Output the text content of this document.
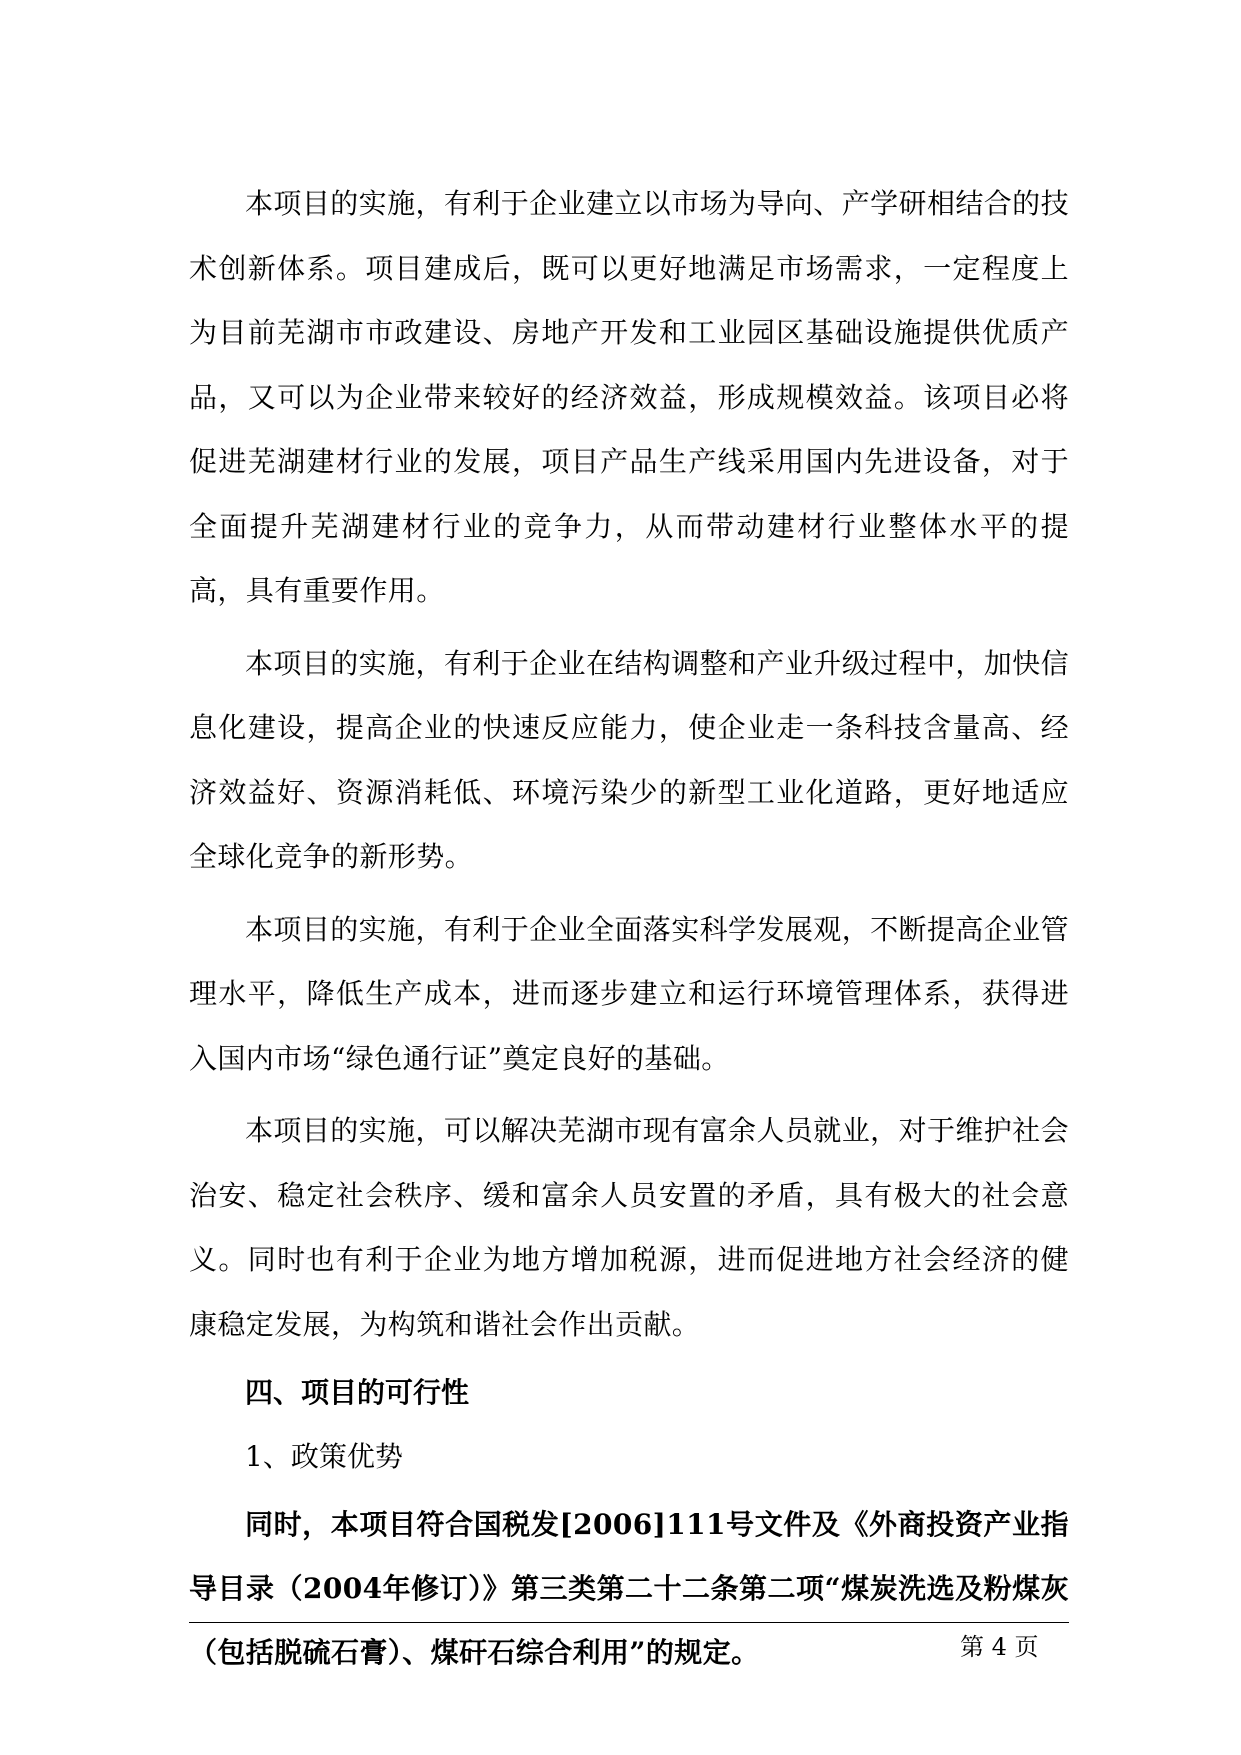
本项目的实施，有利于企业建立以市场为导向、产学研相结合的技术创新体系。项目建成后，既可以更好地满足市场需求，一定程度上为目前芜湖市市政建设、房地产开发和工业园区基础设施提供优质产品，又可以为企业带来较好的经济效益，形成规模效益。该项目必将促进芜湖建材行业的发展，项目产品生产线采用国内先进设备，对于全面提升芜湖建材行业的竞争力，从而带动建材行业整体水平的提高，具有重要作用。

本项目的实施，有利于企业在结构调整和产业升级过程中，加快信息化建设，提高企业的快速反应能力，使企业走一条科技含量高、经济效益好、资源消耗低、环境污染少的新型工业化道路，更好地适应全球化竞争的新形势。

本项目的实施，有利于企业全面落实科学发展观，不断提高企业管理水平，降低生产成本，进而逐步建立和运行环境管理体系，获得进入国内市场“绿色通行证”奠定良好的基础。

本项目的实施，可以解决芜湖市现有富余人员就业，对于维护社会治安、稳定社会秩序、缓和富余人员安置的矛盾，具有极大的社会意义。同时也有利于企业为地方增加税源，进而促进地方社会经济的健康稳定发展，为构筑和谐社会作出贡献。

四、项目的可行性

1、政策优势

同时，本项目符合国税发[2006]111号文件及《外商投资产业指导目录（2004年修订）》第三类第二十二条第二项“煤炭洗选及粉煤灰（包括脱硫石膏）、煤矸石综合利用”的规定。	第 4 页
